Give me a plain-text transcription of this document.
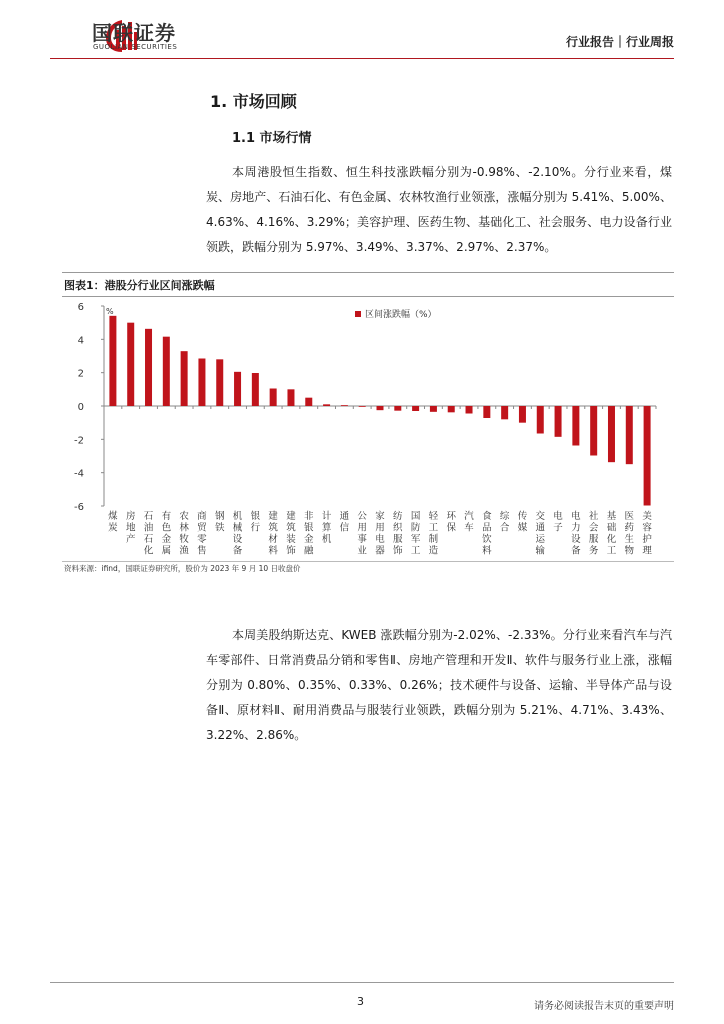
国联证券
GUOLIAN SECURITIES	行业报告｜行业周报
1. 市场回顾
1.1 市场行情
本周港股恒生指数、恒生科技涨跌幅分别为-0.98%、-2.10%。分行业来看，煤炭、房地产、石油石化、有色金属、农林牧渔行业领涨，涨幅分别为 5.41%、5.00%、4.63%、4.16%、3.29%；美容护理、医药生物、基础化工、社会服务、电力设备行业领跌，跌幅分别为 5.97%、3.49%、3.37%、2.97%、2.37%。
图表1：港股分行业区间涨跌幅
6
4
2
0
-2
-4
-6
%
煤炭
房地产
石油石化
有色金属
农林牧渔
商贸零售
钢铁
机械设备
银行
建筑材料
建筑装饰
非银金融
计算机
通信
公用事业
家用电器
纺织服饰
国防军工
轻工制造
环保
汽车
食品饮料
综合
传媒
交通运输
电子
电力设备
社会服务
基础化工
医药生物
美容护理
区间涨跌幅（%）
资料来源：ifind，国联证券研究所，股价为 2023 年 9 月 10 日收盘价
本周美股纳斯达克、KWEB 涨跌幅分别为-2.02%、-2.33%。分行业来看汽车与汽车零部件、日常消费品分销和零售Ⅱ、房地产管理和开发Ⅱ、软件与服务行业上涨，涨幅分别为 0.80%、0.35%、0.33%、0.26%；技术硬件与设备、运输、半导体产品与设备Ⅱ、原材料Ⅱ、耐用消费品与服装行业领跌，跌幅分别为 5.21%、4.71%、3.43%、3.22%、2.86%。
3	请务必阅读报告末页的重要声明
